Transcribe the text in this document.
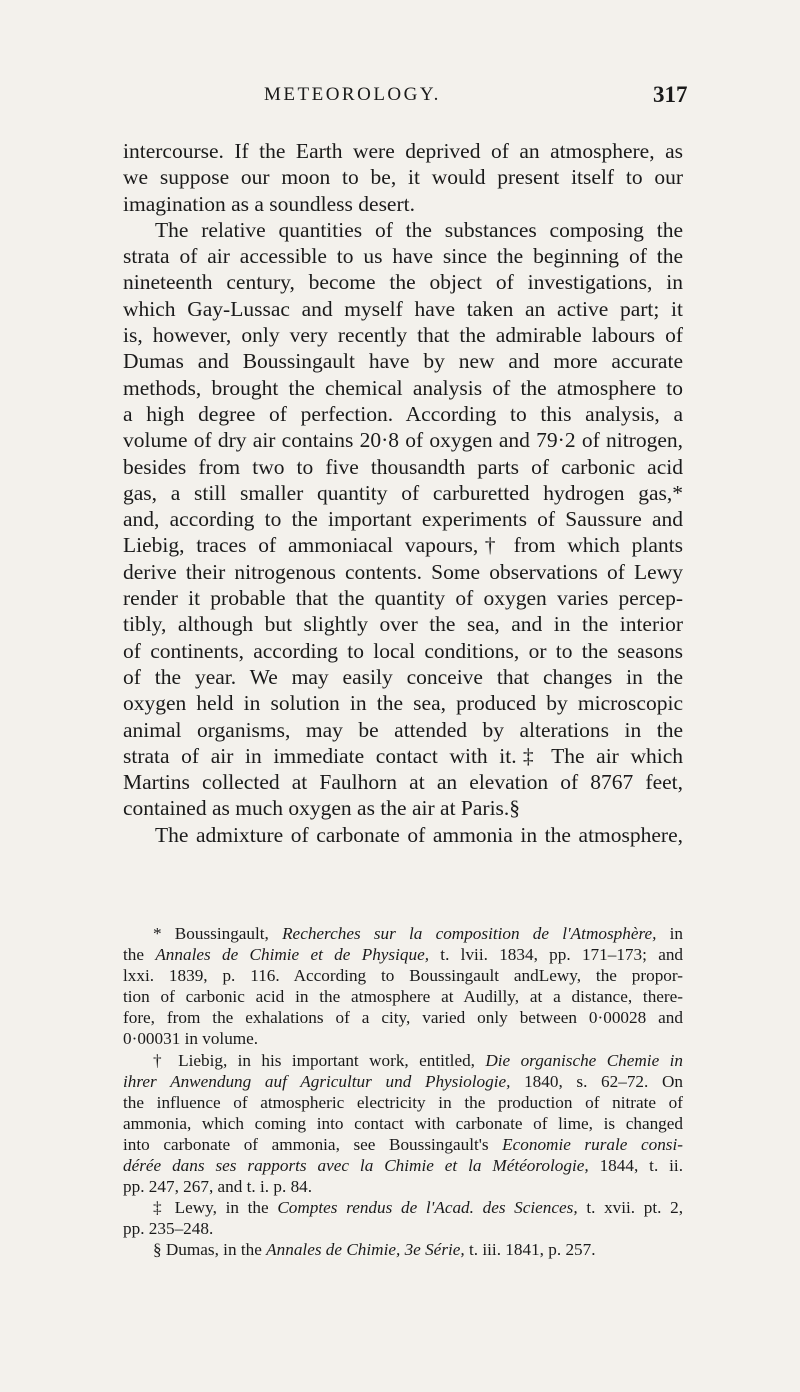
METEOROLOGY.	317
intercourse. If the Earth were deprived of an atmosphere, as
we suppose our moon to be, it would present itself to our
imagination as a soundless desert.
The relative quantities of the substances composing the
strata of air accessible to us have since the beginning of the
nineteenth century, become the object of investigations, in
which Gay-Lussac and myself have taken an active part; it
is, however, only very recently that the admirable labours of
Dumas and Boussingault have by new and more accurate
methods, brought the chemical analysis of the atmosphere to
a high degree of perfection. According to this analysis, a
volume of dry air contains 20·8 of oxygen and 79·2 of nitrogen,
besides from two to five thousandth parts of carbonic acid
gas, a still smaller quantity of carburetted hydrogen gas,*
and, according to the important experiments of Saussure and
Liebig, traces of ammoniacal vapours,† from which plants
derive their nitrogenous contents. Some observations of Lewy
render it probable that the quantity of oxygen varies percep-
tibly, although but slightly over the sea, and in the interior
of continents, according to local conditions, or to the seasons
of the year. We may easily conceive that changes in the
oxygen held in solution in the sea, produced by microscopic
animal organisms, may be attended by alterations in the
strata of air in immediate contact with it.‡ The air which
Martins collected at Faulhorn at an elevation of 8767 feet,
contained as much oxygen as the air at Paris.§
The admixture of carbonate of ammonia in the atmosphere,
* Boussingault, Recherches sur la composition de l'Atmosphère, in
the Annales de Chimie et de Physique, t. lvii. 1834, pp. 171–173; and
lxxi. 1839, p. 116. According to Boussingault andLewy, the propor-
tion of carbonic acid in the atmosphere at Audilly, at a distance, there-
fore, from the exhalations of a city, varied only between 0·00028 and
0·00031 in volume.
† Liebig, in his important work, entitled, Die organische Chemie in
ihrer Anwendung auf Agricultur und Physiologie, 1840, s. 62–72. On
the influence of atmospheric electricity in the production of nitrate of
ammonia, which coming into contact with carbonate of lime, is changed
into carbonate of ammonia, see Boussingault's Economie rurale consi-
dérée dans ses rapports avec la Chimie et la Météorologie, 1844, t. ii.
pp. 247, 267, and t. i. p. 84.
‡ Lewy, in the Comptes rendus de l'Acad. des Sciences, t. xvii. pt. 2,
pp. 235–248.
§ Dumas, in the Annales de Chimie, 3e Série, t. iii. 1841, p. 257.
